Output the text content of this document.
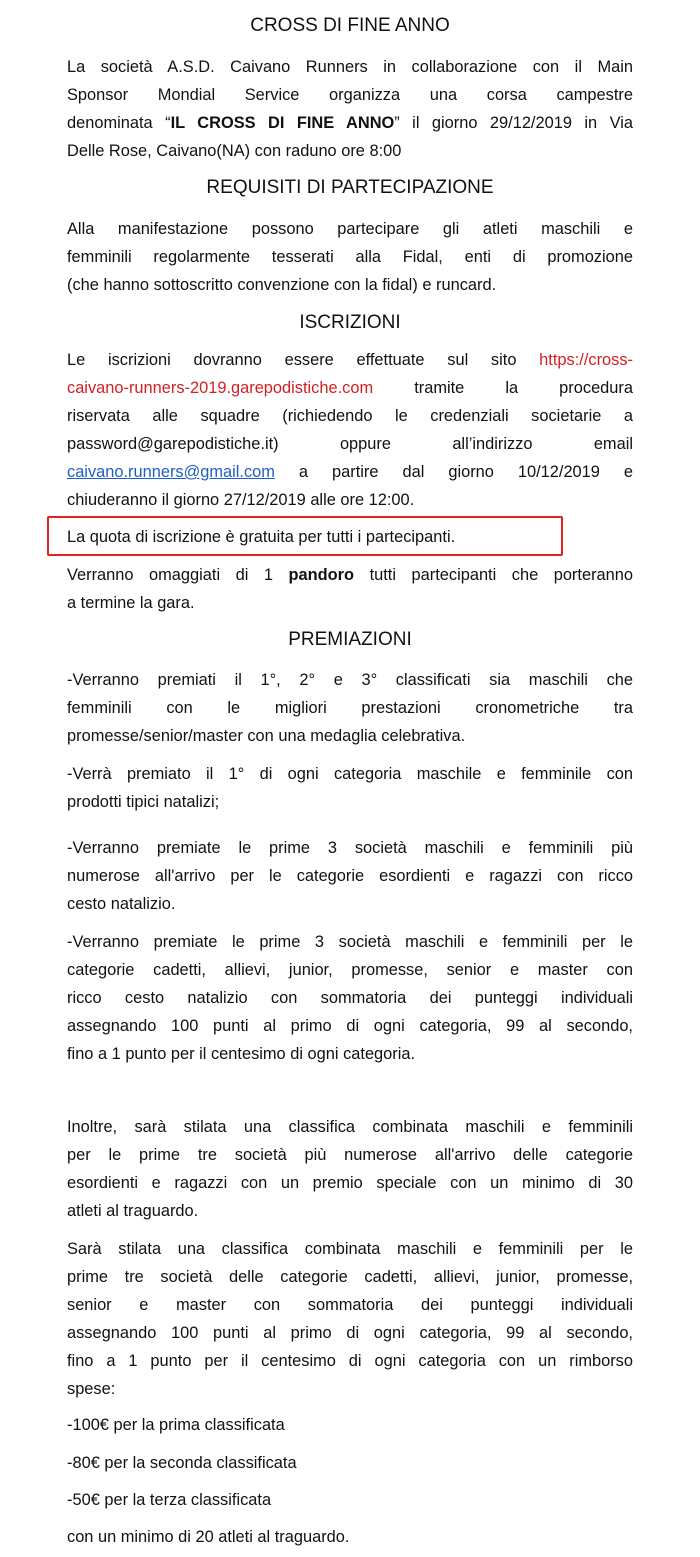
CROSS DI FINE ANNO
La società A.S.D. Caivano Runners in collaborazione con il Main
Sponsor Mondial Service organizza una corsa campestre
denominata “IL CROSS DI FINE ANNO” il giorno 29/12/2019 in Via
Delle Rose, Caivano(NA) con raduno ore 8:00
REQUISITI DI PARTECIPAZIONE
Alla manifestazione possono partecipare gli atleti maschili e
femminili regolarmente tesserati alla Fidal, enti di promozione
(che hanno sottoscritto convenzione con la fidal) e runcard.
ISCRIZIONI
Le iscrizioni dovranno essere effettuate sul sito https://cross-
caivano-runners-2019.garepodistiche.com tramite la procedura
riservata alle squadre (richiedendo le credenziali societarie a
password@garepodistiche.it)         oppure         all’indirizzo         email
caivano.runners@gmail.com a partire dal giorno 10/12/2019 e
chiuderanno il giorno 27/12/2019 alle ore 12:00.
La quota di iscrizione è gratuita per tutti i partecipanti.
Verranno omaggiati di 1 pandoro tutti partecipanti che porteranno
a termine la gara.
PREMIAZIONI
-Verranno premiati il 1°, 2° e 3° classificati sia maschili che
femminili con le migliori prestazioni cronometriche tra
promesse/senior/master con una medaglia celebrativa.
-Verrà premiato il 1° di ogni categoria maschile e femminile con
prodotti tipici natalizi;
-Verranno premiate le prime 3 società maschili e femminili più
numerose all'arrivo per le categorie esordienti e ragazzi con ricco
cesto natalizio.
-Verranno premiate le prime 3 società maschili e femminili per le
categorie cadetti, allievi, junior, promesse, senior e master con
ricco cesto natalizio con sommatoria dei punteggi individuali
assegnando 100 punti al primo di ogni categoria, 99 al secondo,
fino a 1 punto per il centesimo di ogni categoria.
Inoltre, sarà stilata una classifica combinata maschili e femminili
per le prime tre società più numerose all'arrivo delle categorie
esordienti e ragazzi con un premio speciale con un minimo di 30
atleti al traguardo.
Sarà stilata una classifica combinata maschili e femminili per le
prime tre società delle categorie cadetti, allievi, junior, promesse,
senior e master con sommatoria dei punteggi individuali
assegnando 100 punti al primo di ogni categoria, 99 al secondo,
fino a 1 punto per il centesimo di ogni categoria con un rimborso
spese:
-100€ per la prima classificata
-80€ per la seconda classificata
-50€ per la terza classificata
con un minimo di 20 atleti al traguardo.
